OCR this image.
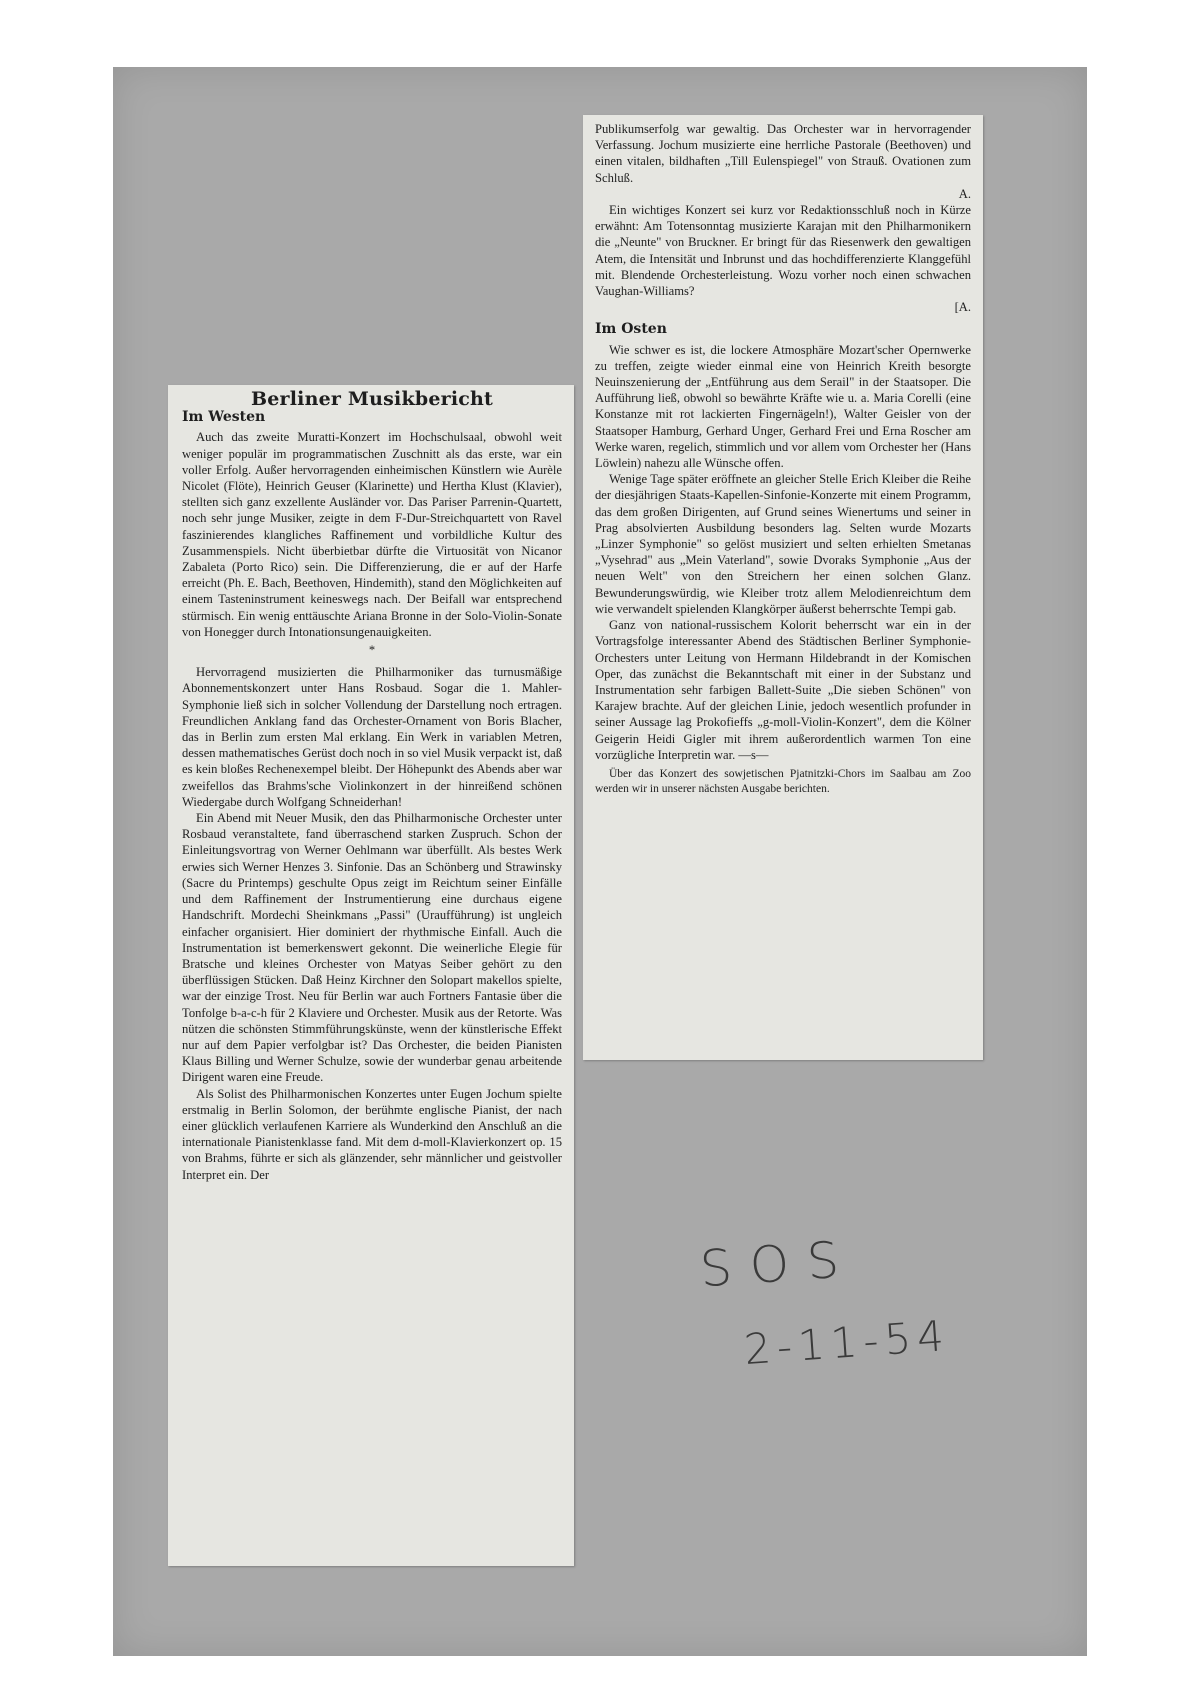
Berliner Musikbericht
Im Westen

Auch das zweite Muratti-Konzert im Hochschulsaal, obwohl weit weniger populär im programmatischen Zuschnitt als das erste, war ein voller Erfolg. Außer hervorragenden einheimischen Künstlern wie Aurèle Nicolet (Flöte), Heinrich Geuser (Klarinette) und Hertha Klust (Klavier), stellten sich ganz exzellente Ausländer vor. Das Pariser Parrenin-Quartett, noch sehr junge Musiker, zeigte in dem F-Dur-Streichquartett von Ravel faszinierendes klangliches Raffinement und vorbildliche Kultur des Zusammenspiels. Nicht überbietbar dürfte die Virtuosität von Nicanor Zabaleta (Porto Rico) sein. Die Differenzierung, die er auf der Harfe erreicht (Ph. E. Bach, Beethoven, Hindemith), stand den Möglichkeiten auf einem Tasteninstrument keineswegs nach. Der Beifall war entsprechend stürmisch. Ein wenig enttäuschte Ariana Bronne in der Solo-Violin-Sonate von Honegger durch Intonationsungenauigkeiten.

*

Hervorragend musizierten die Philharmoniker das turnusmäßige Abonnementskonzert unter Hans Rosbaud. Sogar die 1. Mahler-Symphonie ließ sich in solcher Vollendung der Darstellung noch ertragen. Freundlichen Anklang fand das Orchester-Ornament von Boris Blacher, das in Berlin zum ersten Mal erklang. Ein Werk in variablen Metren, dessen mathematisches Gerüst doch noch in so viel Musik verpackt ist, daß es kein bloßes Rechenexempel bleibt. Der Höhepunkt des Abends aber war zweifellos das Brahms'sche Violinkonzert in der hinreißend schönen Wiedergabe durch Wolfgang Schneiderhan!

Ein Abend mit Neuer Musik, den das Philharmonische Orchester unter Rosbaud veranstaltete, fand überraschend starken Zuspruch. Schon der Einleitungsvortrag von Werner Oehlmann war überfüllt. Als bestes Werk erwies sich Werner Henzes 3. Sinfonie. Das an Schönberg und Strawinsky (Sacre du Printemps) geschulte Opus zeigt im Reichtum seiner Einfälle und dem Raffinement der Instrumentierung eine durchaus eigene Handschrift. Mordechi Sheinkmans „Passi" (Uraufführung) ist ungleich einfacher organisiert. Hier dominiert der rhythmische Einfall. Auch die Instrumentation ist bemerkenswert gekonnt. Die weinerliche Elegie für Bratsche und kleines Orchester von Matyas Seiber gehört zu den überflüssigen Stücken. Daß Heinz Kirchner den Solopart makellos spielte, war der einzige Trost. Neu für Berlin war auch Fortners Fantasie über die Tonfolge b-a-c-h für 2 Klaviere und Orchester. Musik aus der Retorte. Was nützen die schönsten Stimmführungskünste, wenn der künstlerische Effekt nur auf dem Papier verfolgbar ist? Das Orchester, die beiden Pianisten Klaus Billing und Werner Schulze, sowie der wunderbar genau arbeitende Dirigent waren eine Freude.

Als Solist des Philharmonischen Konzertes unter Eugen Jochum spielte erstmalig in Berlin Solomon, der berühmte englische Pianist, der nach einer glücklich verlaufenen Karriere als Wunderkind den Anschluß an die internationale Pianistenklasse fand. Mit dem d-moll-Klavierkonzert op. 15 von Brahms, führte er sich als glänzender, sehr männlicher und geistvoller Interpret ein. Der

Publikumserfolg war gewaltig. Das Orchester war in hervorragender Verfassung. Jochum musizierte eine herrliche Pastorale (Beethoven) und einen vitalen, bildhaften „Till Eulenspiegel" von Strauß. Ovationen zum Schluß.

A.

Ein wichtiges Konzert sei kurz vor Redaktionsschluß noch in Kürze erwähnt: Am Totensonntag musizierte Karajan mit den Philharmonikern die „Neunte" von Bruckner. Er bringt für das Riesenwerk den gewaltigen Atem, die Intensität und Inbrunst und das hochdifferenzierte Klanggefühl mit. Blendende Orchesterleistung. Wozu vorher noch einen schwachen Vaughan-Williams?

[A.
Im Osten

Wie schwer es ist, die lockere Atmosphäre Mozart'scher Opernwerke zu treffen, zeigte wieder einmal eine von Heinrich Kreith besorgte Neuinszenierung der „Entführung aus dem Serail" in der Staatsoper. Die Aufführung ließ, obwohl so bewährte Kräfte wie u. a. Maria Corelli (eine Konstanze mit rot lackierten Fingernägeln!), Walter Geisler von der Staatsoper Hamburg, Gerhard Unger, Gerhard Frei und Erna Roscher am Werke waren, regelich, stimmlich und vor allem vom Orchester her (Hans Löwlein) nahezu alle Wünsche offen.

Wenige Tage später eröffnete an gleicher Stelle Erich Kleiber die Reihe der diesjährigen Staats-Kapellen-Sinfonie-Konzerte mit einem Programm, das dem großen Dirigenten, auf Grund seines Wienertums und seiner in Prag absolvierten Ausbildung besonders lag. Selten wurde Mozarts „Linzer Symphonie" so gelöst musiziert und selten erhielten Smetanas „Vysehrad" aus „Mein Vaterland", sowie Dvoraks Symphonie „Aus der neuen Welt" von den Streichern her einen solchen Glanz. Bewunderungswürdig, wie Kleiber trotz allem Melodienreichtum dem wie verwandelt spielenden Klangkörper äußerst beherrschte Tempi gab.

Ganz von national-russischem Kolorit beherrscht war ein in der Vortragsfolge interessanter Abend des Städtischen Berliner Symphonie-Orchesters unter Leitung von Hermann Hildebrandt in der Komischen Oper, das zunächst die Bekanntschaft mit einer in der Substanz und Instrumentation sehr farbigen Ballett-Suite „Die sieben Schönen" von Karajew brachte. Auf der gleichen Linie, jedoch wesentlich profunder in seiner Aussage lag Prokofieffs „g-moll-Violin-Konzert", dem die Kölner Geigerin Heidi Gigler mit ihrem außerordentlich warmen Ton eine vorzügliche Interpretin war. —s—

Über das Konzert des sowjetischen Pjatnitzki-Chors im Saalbau am Zoo werden wir in unserer nächsten Ausgabe berichten.

SOS
2-11-54
